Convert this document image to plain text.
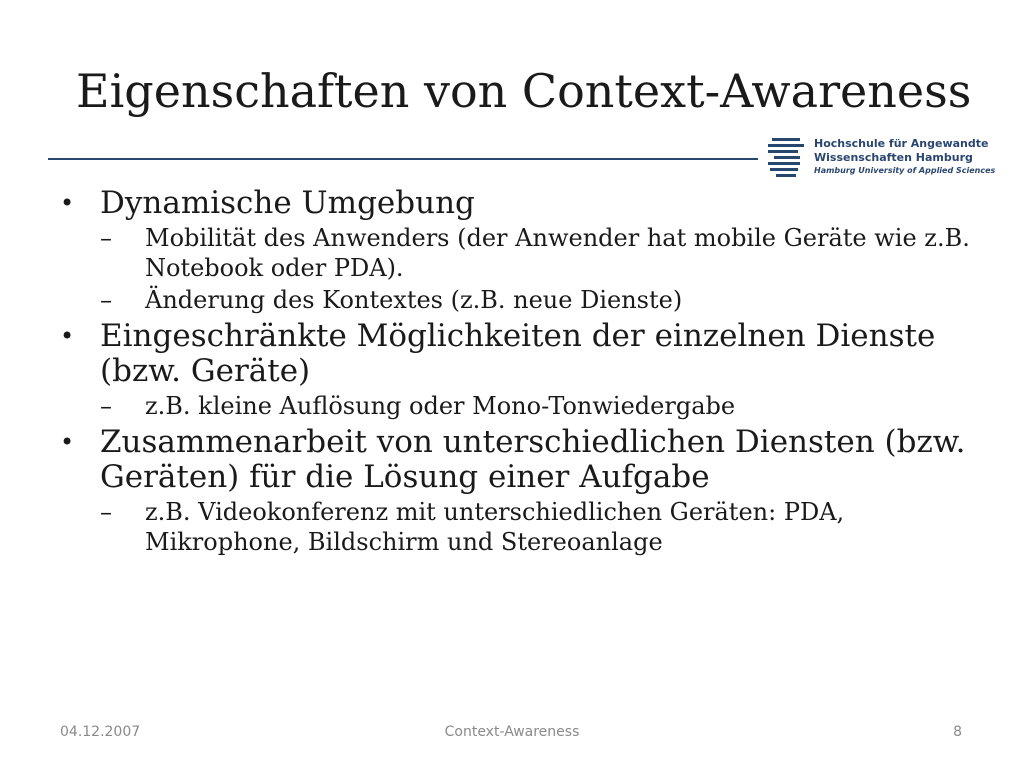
Eigenschaften von Context-Awareness
Hochschule für Angewandte
Wissenschaften Hamburg
Hamburg University of Applied Sciences
• Dynamische Umgebung
–	Mobilität des Anwenders (der Anwender hat mobile Geräte wie z.B. Notebook oder PDA).
–	Änderung des Kontextes (z.B. neue Dienste)
• Eingeschränkte Möglichkeiten der einzelnen Dienste (bzw. Geräte)
–	z.B. kleine Auflösung oder Mono-Tonwiedergabe
• Zusammenarbeit von unterschiedlichen Diensten (bzw. Geräten) für die Lösung einer Aufgabe
–	z.B. Videokonferenz mit unterschiedlichen Geräten: PDA, Mikrophone, Bildschirm und Stereoanlage
04.12.2007	Context-Awareness	8
